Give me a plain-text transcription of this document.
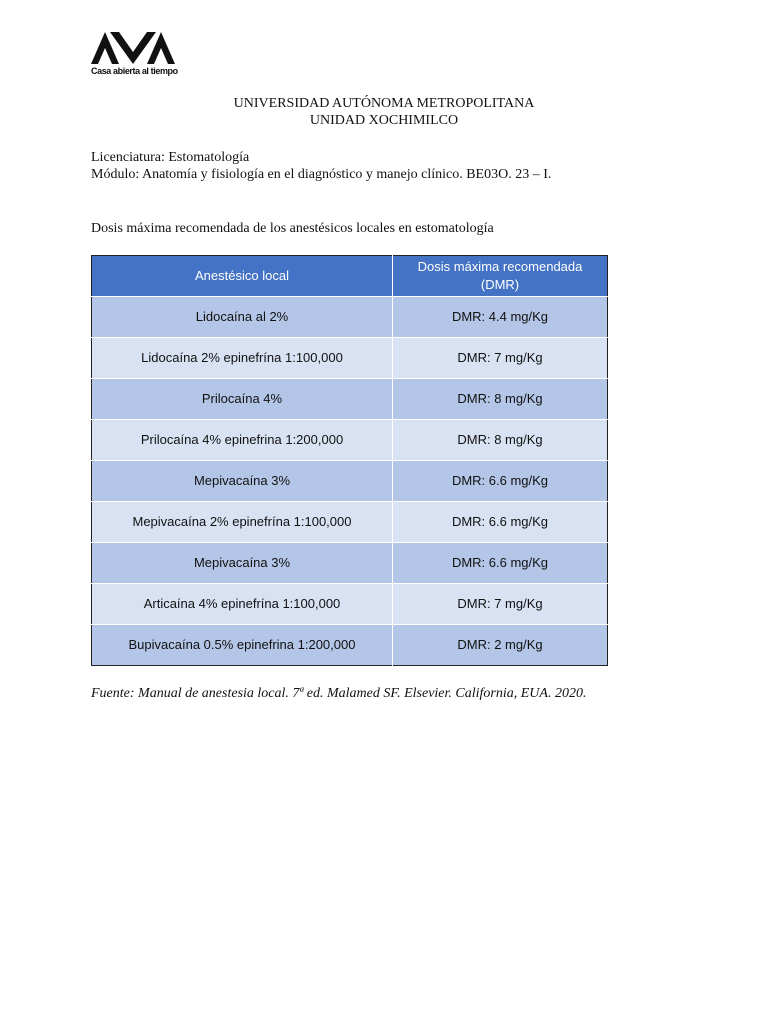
Casa abierta al tiempo
UNIVERSIDAD AUTÓNOMA METROPOLITANA
UNIDAD XOCHIMILCO
Licenciatura: Estomatología
Módulo: Anatomía y fisiología en el diagnóstico y manejo clínico. BE03O. 23 – I.
Dosis máxima recomendada de los anestésicos locales en estomatología
Anestésico local	Dosis máxima recomendada
(DMR)

Lidocaína al 2%	DMR: 4.4 mg/Kg
Lidocaína 2% epinefrína 1:100,000	DMR: 7 mg/Kg
Prilocaína 4%	DMR: 8 mg/Kg
Prilocaína 4% epinefrina 1:200,000	DMR: 8 mg/Kg
Mepivacaína 3%	DMR: 6.6 mg/Kg
Mepivacaína 2% epinefrína 1:100,000	DMR: 6.6 mg/Kg
Mepivacaína 3%	DMR: 6.6 mg/Kg
Articaína 4% epinefrína 1:100,000	DMR: 7 mg/Kg
Bupivacaína 0.5% epinefrina 1:200,000	DMR: 2 mg/Kg
Fuente: Manual de anestesia local. 7ª ed. Malamed SF. Elsevier. California, EUA. 2020.
